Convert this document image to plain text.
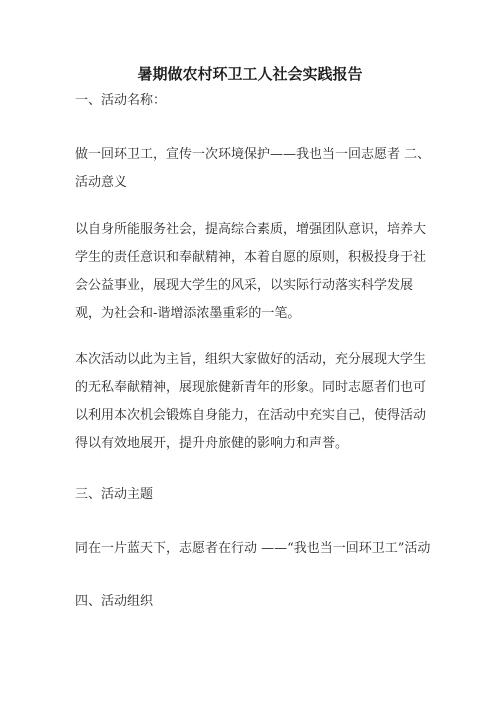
暑期做农村环卫工人社会实践报告
一、活动名称：
做一回环卫工，宣传一次环境保护——我也当一回志愿者 二、活动意义
以自身所能服务社会，提高综合素质，增强团队意识，培养大学生的责任意识和奉献精神，本着自愿的原则，积极投身于社会公益事业，展现大学生的风采，以实际行动落实科学发展观，为社会和-谐增添浓墨重彩的一笔。
本次活动以此为主旨，组织大家做好的活动，充分展现大学生的无私奉献精神，展现旅健新青年的形象。同时志愿者们也可以利用本次机会锻炼自身能力，在活动中充实自己，使得活动得以有效地展开，提升舟旅健的影响力和声誉。
三、活动主题
同在一片蓝天下，志愿者在行动 ——“我也当一回环卫工”活动
四、活动组织
